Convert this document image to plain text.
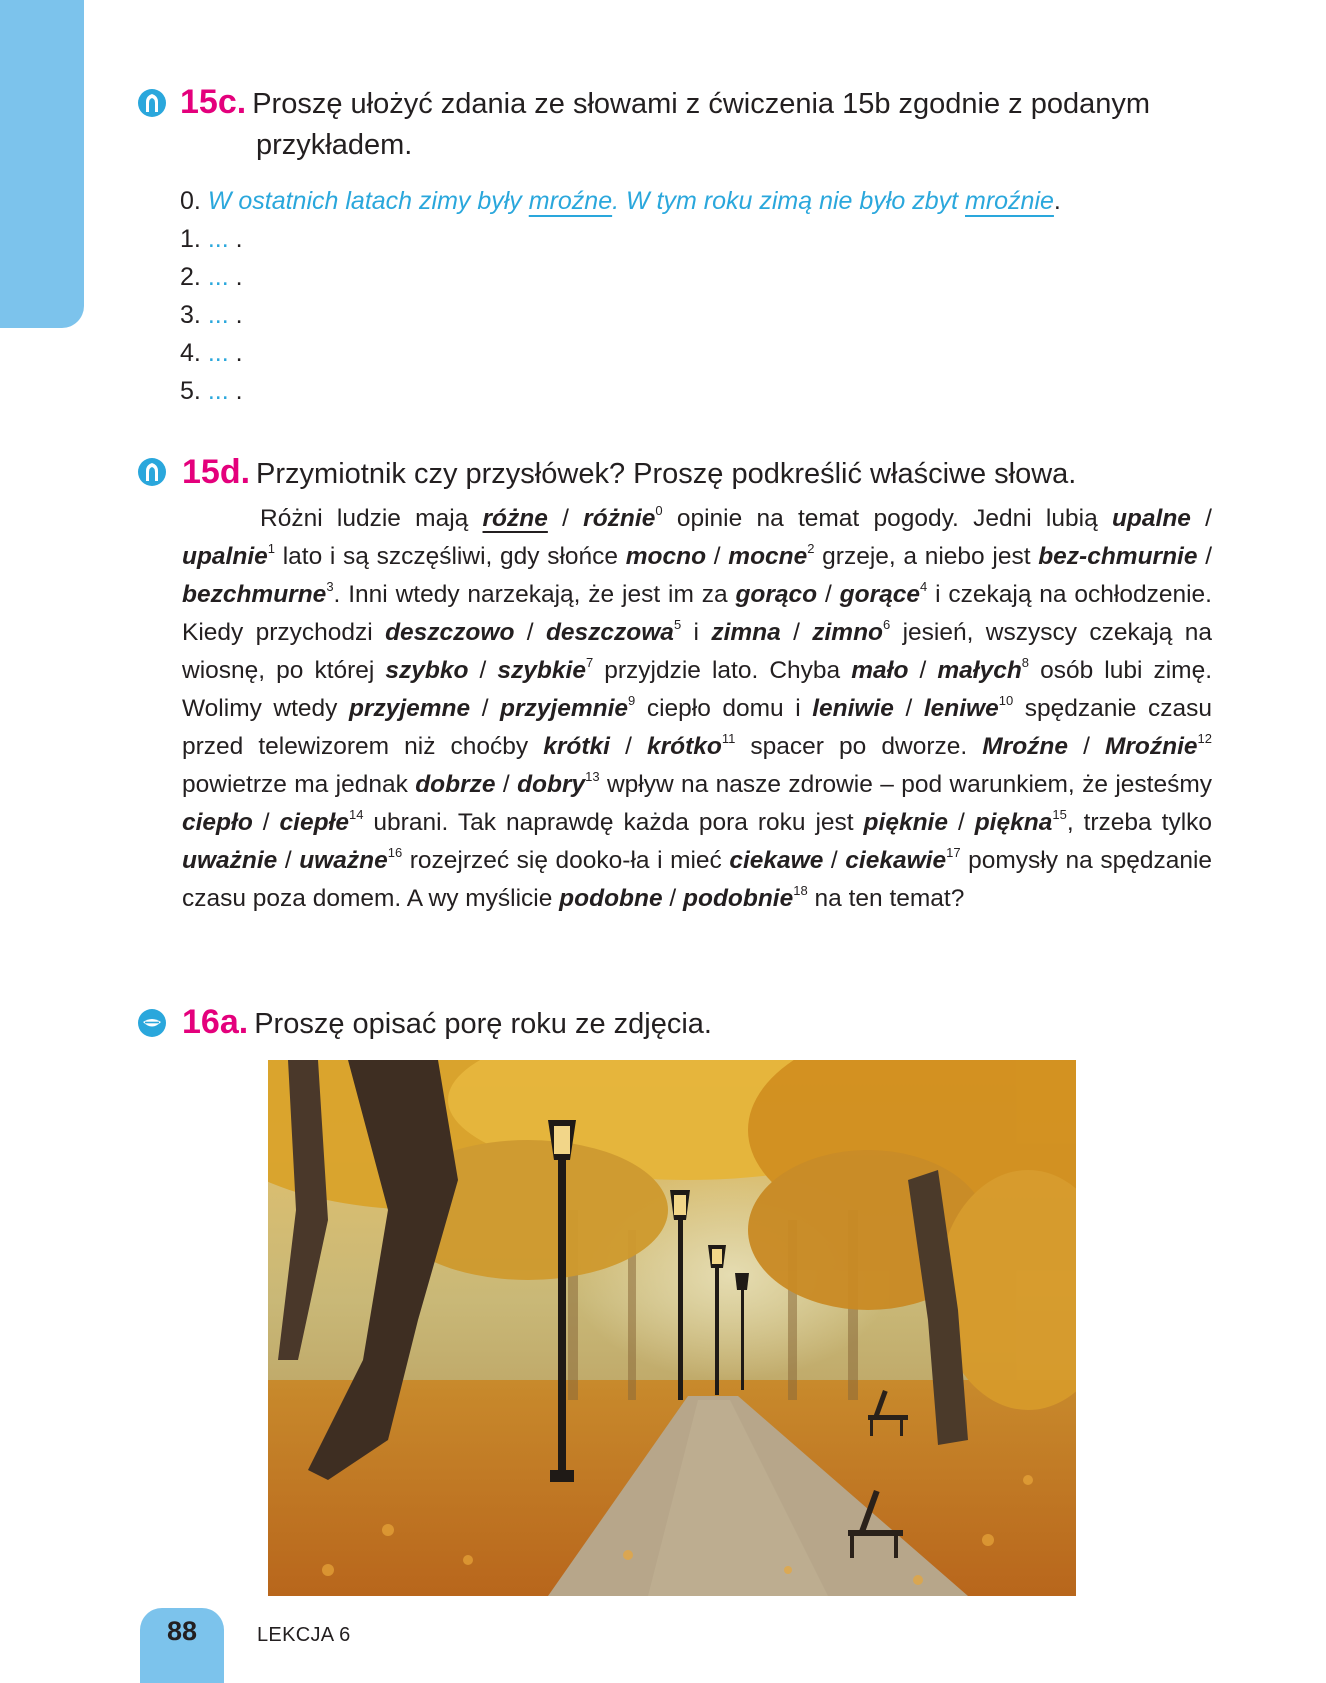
15c. Proszę ułożyć zdania ze słowami z ćwiczenia 15b zgodnie z podanym
przykładem.
0. W ostatnich latach zimy były mroźne. W tym roku zimą nie było zbyt mroźnie.
1. ... .
2. ... .
3. ... .
4. ... .
5. ... .
15d. Przymiotnik czy przysłówek? Proszę podkreślić właściwe słowa.
Różni ludzie mają różne / różnie$^0$ opinie na temat pogody. Jedni lubią upalne / upalnie$^1$ lato i są szczęśliwi, gdy słońce mocno / mocne$^2$ grzeje, a niebo jest bez-chmurnie / bezchmurne$^3$. Inni wtedy narzekają, że jest im za gorąco / gorące$^4$ i czekają na ochłodzenie. Kiedy przychodzi deszczowo / deszczowa$^5$ i zimna / zimno$^6$ jesień, wszyscy czekają na wiosnę, po której szybko / szybkie$^7$ przyjdzie lato. Chyba mało / małych$^8$ osób lubi zimę. Wolimy wtedy przyjemne / przyjemnie$^9$ ciepło domu i leniwie / leniwe$^{10}$ spędzanie czasu przed telewizorem niż choćby krótki / krótko$^{11}$ spacer po dworze. Mroźne / Mroźnie$^{12}$ powietrze ma jednak dobrze / dobry$^{13}$ wpływ na nasze zdrowie – pod warunkiem, że jesteśmy ciepło / ciepłe$^{14}$ ubrani. Tak naprawdę każda pora roku jest pięknie / piękna$^{15}$, trzeba tylko uważnie / uważne$^{16}$ rozejrzeć się dooko-ła i mieć ciekawe / ciekawie$^{17}$ pomysły na spędzanie czasu poza domem. A wy myślicie podobne / podobnie$^{18}$ na ten temat?
16a. Proszę opisać porę roku ze zdjęcia.
88	LEKCJA 6
